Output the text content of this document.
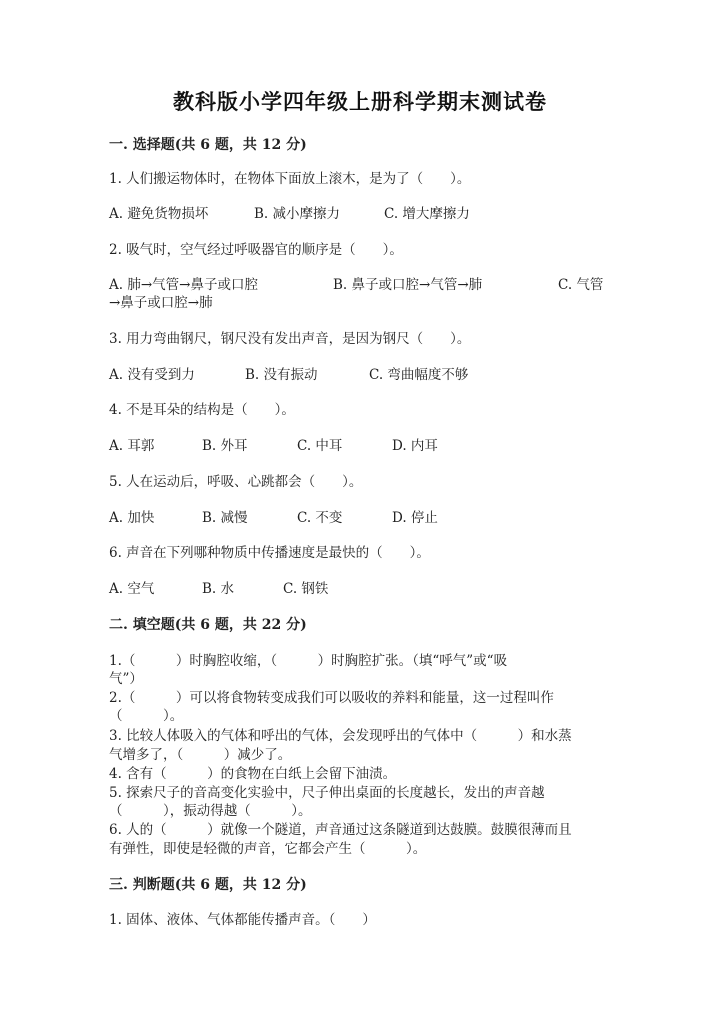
教科版小学四年级上册科学期末测试卷
一. 选择题(共 6 题，共 12 分)
1. 人们搬运物体时，在物体下面放上滚木，是为了（　　）。
A. 避免货物损坏	B. 减小摩擦力	C. 增大摩擦力
2. 吸气时，空气经过呼吸器官的顺序是（　　）。
A. 肺→气管→鼻子或口腔	B. 鼻子或口腔→气管→肺	C. 气管
→鼻子或口腔→肺
3. 用力弯曲钢尺，钢尺没有发出声音，是因为钢尺（　　）。
A. 没有受到力	B. 没有振动	C. 弯曲幅度不够
4. 不是耳朵的结构是（　　）。
A. 耳郭	B. 外耳	C. 中耳	D. 内耳
5. 人在运动后，呼吸、心跳都会（　　）。
A. 加快	B. 减慢	C. 不变	D. 停止
6. 声音在下列哪种物质中传播速度是最快的（　　）。
A. 空气	B. 水	C. 钢铁
二. 填空题(共 6 题，共 22 分)
1.（　　　）时胸腔收缩，（　　　）时胸腔扩张。（填“呼气”或“吸
气”）
2.（　　　）可以将食物转变成我们可以吸收的养料和能量，这一过程叫作
（　　　）。
3. 比较人体吸入的气体和呼出的气体，会发现呼出的气体中（　　　）和水蒸
气增多了，（　　　）减少了。
4. 含有（　　　）的食物在白纸上会留下油渍。
5. 探索尺子的音高变化实验中，尺子伸出桌面的长度越长，发出的声音越
（　　　），振动得越（　　　）。
6. 人的（　　　）就像一个隧道，声音通过这条隧道到达鼓膜。鼓膜很薄而且
有弹性，即使是轻微的声音，它都会产生（　　　）。
三. 判断题(共 6 题，共 12 分)
1. 固体、液体、气体都能传播声音。（　　）
